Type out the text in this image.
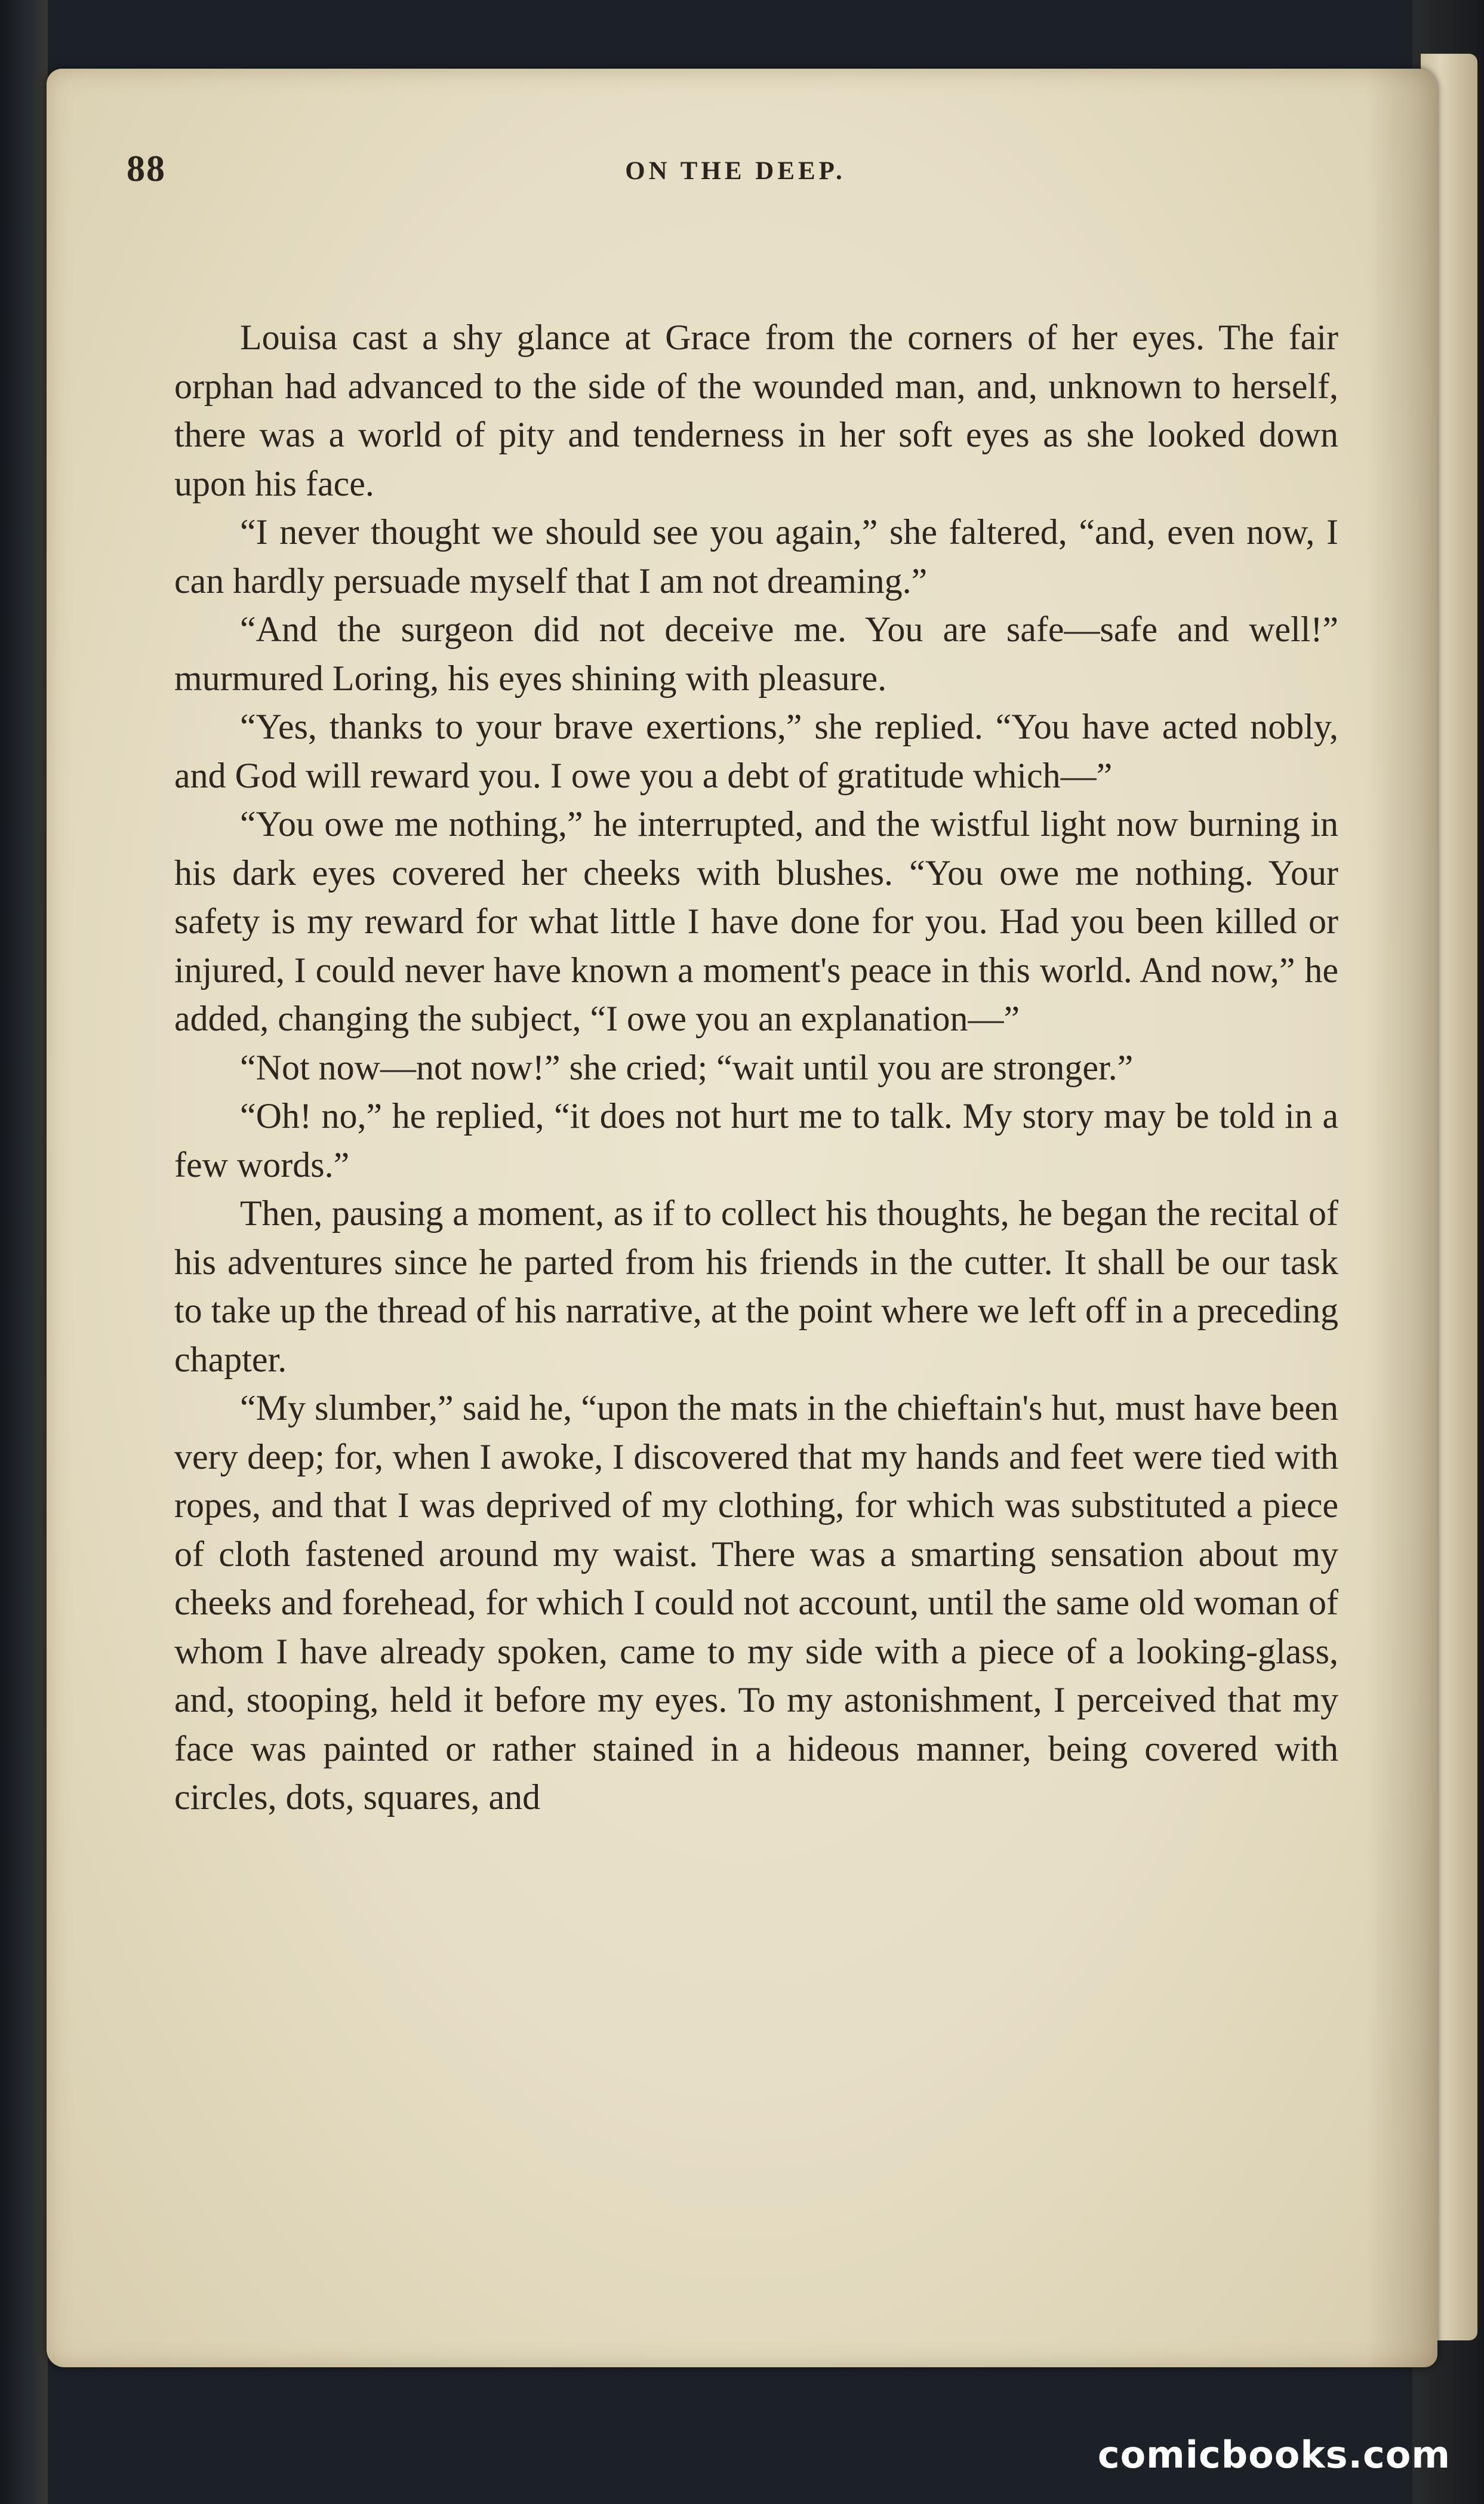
88	ON THE DEEP.

Louisa cast a shy glance at Grace from the corners of her eyes. The fair orphan had advanced to the side of the wounded man, and, unknown to herself, there was a world of pity and tenderness in her soft eyes as she looked down upon his face.

“I never thought we should see you again,” she faltered, “and, even now, I can hardly persuade myself that I am not dreaming.”

“And the surgeon did not deceive me. You are safe—safe and well!” murmured Loring, his eyes shining with pleasure.

“Yes, thanks to your brave exertions,” she replied. “You have acted nobly, and God will reward you. I owe you a debt of gratitude which—”

“You owe me nothing,” he interrupted, and the wistful light now burning in his dark eyes covered her cheeks with blushes. “You owe me nothing. Your safety is my reward for what little I have done for you. Had you been killed or injured, I could never have known a moment's peace in this world. And now,” he added, changing the subject, “I owe you an explanation—”

“Not now—not now!” she cried; “wait until you are stronger.”

“Oh! no,” he replied, “it does not hurt me to talk. My story may be told in a few words.”

Then, pausing a moment, as if to collect his thoughts, he began the recital of his adventures since he parted from his friends in the cutter. It shall be our task to take up the thread of his narrative, at the point where we left off in a preceding chapter.

“My slumber,” said he, “upon the mats in the chieftain's hut, must have been very deep; for, when I awoke, I discovered that my hands and feet were tied with ropes, and that I was deprived of my clothing, for which was substituted a piece of cloth fastened around my waist. There was a smarting sensation about my cheeks and forehead, for which I could not account, until the same old woman of whom I have already spoken, came to my side with a piece of a looking-glass, and, stooping, held it before my eyes. To my astonishment, I perceived that my face was painted or rather stained in a hideous manner, being covered with circles, dots, squares, and

comicbooks.com
